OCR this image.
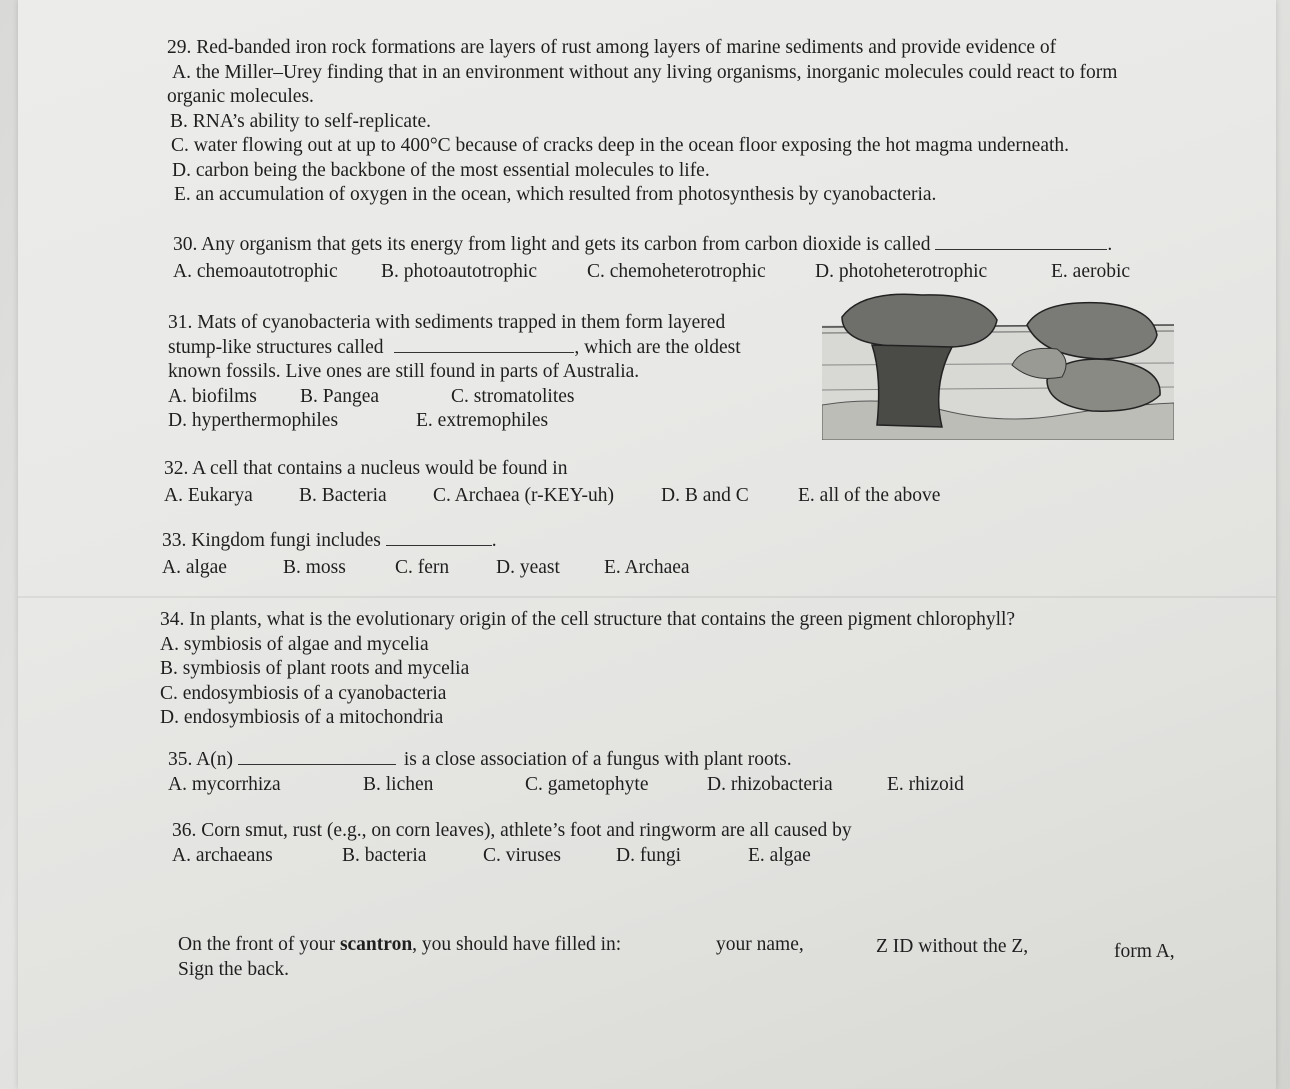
29. Red-banded iron rock formations are layers of rust among layers of marine sediments and provide evidence of
A. the Miller–Urey finding that in an environment without any living organisms, inorganic molecules could react to form
organic molecules.
B. RNA’s ability to self-replicate.
C. water flowing out at up to 400°C because of cracks deep in the ocean floor exposing the hot magma underneath.
D. carbon being the backbone of the most essential molecules to life.
E. an accumulation of oxygen in the ocean, which resulted from photosynthesis by cyanobacteria.
30. Any organism that gets its energy from light and gets its carbon from carbon dioxide is called	.
A. chemoautotrophic B. photoautotrophic	C. chemoheterotrophic	D. photoheterotrophic	E. aerobic
31. Mats of cyanobacteria with sediments trapped in them form layered
stump-like structures called	, which are the oldest
known fossils. Live ones are still found in parts of Australia.
A. biofilms B. Pangea	C. stromatolites
D. hyperthermophiles	E. extremophiles
32. A cell that contains a nucleus would be found in
A. Eukarya B. Bacteria C. Archaea (r-KEY-uh) D. B and C	E. all of the above
33. Kingdom fungi includes	.
A. algae	B. moss	C. fern D. yeast E. Archaea
34. In plants, what is the evolutionary origin of the cell structure that contains the green pigment chlorophyll?
A. symbiosis of algae and mycelia
B. symbiosis of plant roots and mycelia
C. endosymbiosis of a cyanobacteria
D. endosymbiosis of a mitochondria
35. A(n)	is a close association of a fungus with plant roots.
A. mycorrhiza	B. lichen	C. gametophyte	D. rhizobacteria	E. rhizoid
36. Corn smut, rust (e.g., on corn leaves), athlete’s foot and ringworm are all caused by
A. archaeans	B. bacteria	C. viruses	D. fungi	E. algae
On the front of your scantron, you should have filled in:
Sign the back.
your name,	Z ID without the Z,	form A,
